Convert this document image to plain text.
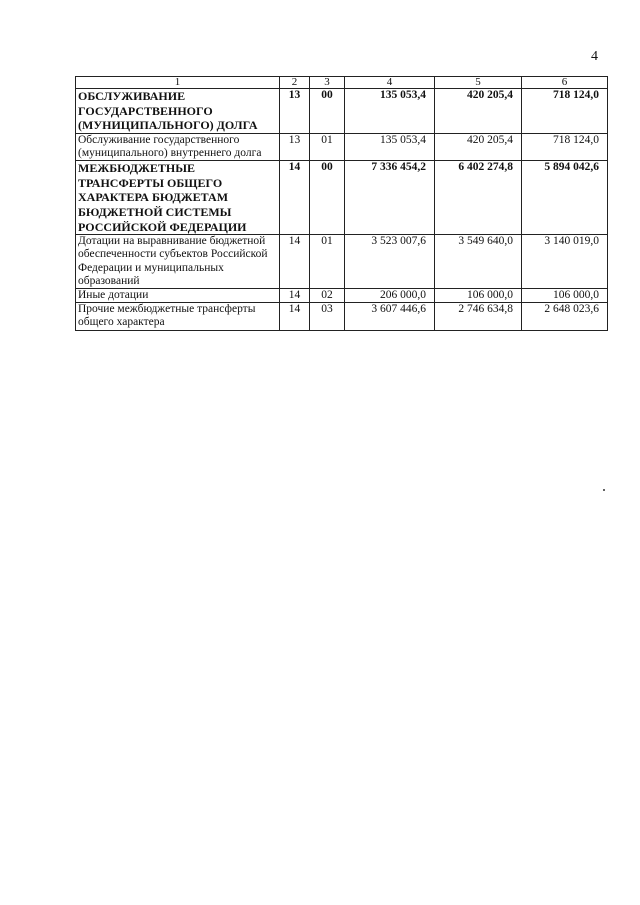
4
1	2	3	4	5	6
ОБСЛУЖИВАНИЕ ГОСУДАРСТВЕННОГО (МУНИЦИПАЛЬНОГО) ДОЛГА	13	00	135 053,4	420 205,4	718 124,0
Обслуживание государственного (муниципального) внутреннего долга	13	01	135 053,4	420 205,4	718 124,0
МЕЖБЮДЖЕТНЫЕ ТРАНСФЕРТЫ ОБЩЕГО ХАРАКТЕРА БЮДЖЕТАМ БЮДЖЕТНОЙ СИСТЕМЫ РОССИЙСКОЙ ФЕДЕРАЦИИ	14	00	7 336 454,2	6 402 274,8	5 894 042,6
Дотации на выравнивание бюджетной обеспеченности субъектов Российской Федерации и муниципальных образований	14	01	3 523 007,6	3 549 640,0	3 140 019,0
Иные дотации	14	02	206 000,0	106 000,0	106 000,0
Прочие межбюджетные трансферты общего характера	14	03	3 607 446,6	2 746 634,8	2 648 023,6
